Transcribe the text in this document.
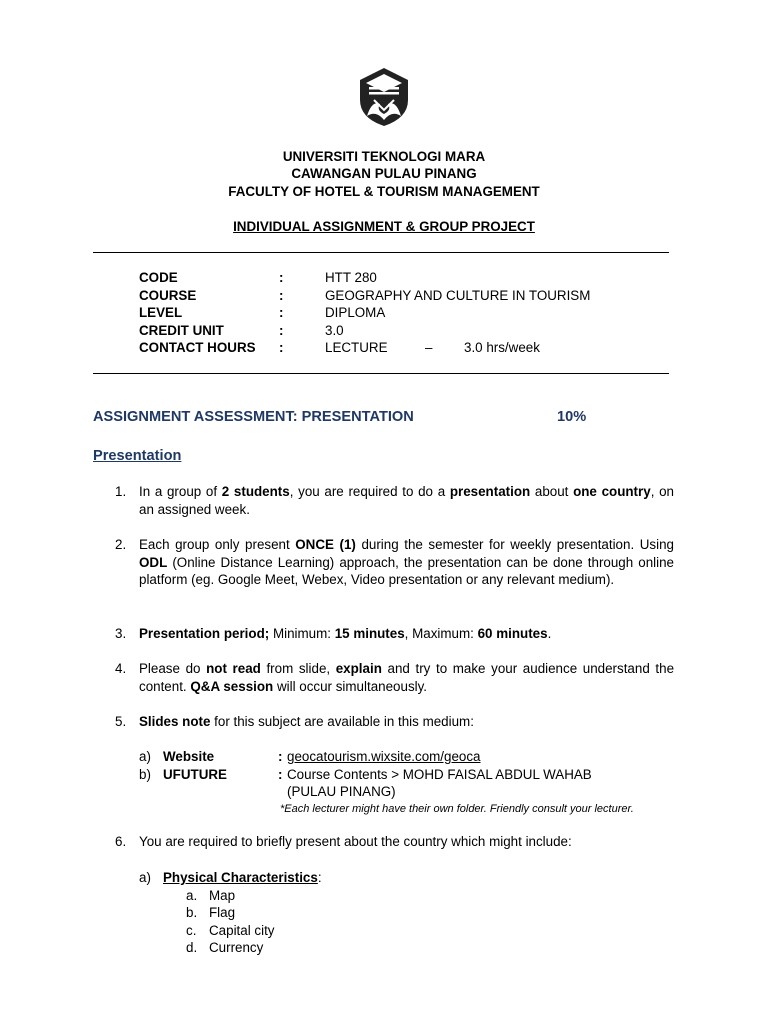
UNIVERSITI TEKNOLOGI MARA
CAWANGAN PULAU PINANG
FACULTY OF HOTEL & TOURISM MANAGEMENT
INDIVIDUAL ASSIGNMENT & GROUP PROJECT
CODE	:	HTT 280
COURSE	:	GEOGRAPHY AND CULTURE IN TOURISM
LEVEL	:	DIPLOMA
CREDIT UNIT	:	3.0
CONTACT HOURS :	LECTURE	– 3.0 hrs/week
ASSIGNMENT ASSESSMENT: PRESENTATION	10%
Presentation
1. In a group of 2 students, you are required to do a presentation about one country, on an assigned week.
2. Each group only present ONCE (1) during the semester for weekly presentation. Using ODL (Online Distance Learning) approach, the presentation can be done through online platform (eg. Google Meet, Webex, Video presentation or any relevant medium).
3. Presentation period; Minimum: 15 minutes, Maximum: 60 minutes.
4. Please do not read from slide, explain and try to make your audience understand the content. Q&A session will occur simultaneously.
5. Slides note for this subject are available in this medium:
a) Website	: geocatourism.wixsite.com/geoca
b) UFUTURE	: Course Contents > MOHD FAISAL ABDUL WAHAB
(PULAU PINANG)
*Each lecturer might have their own folder. Friendly consult your lecturer.
6. You are required to briefly present about the country which might include:
a) Physical Characteristics:
a. Map
b. Flag
c. Capital city
d. Currency
